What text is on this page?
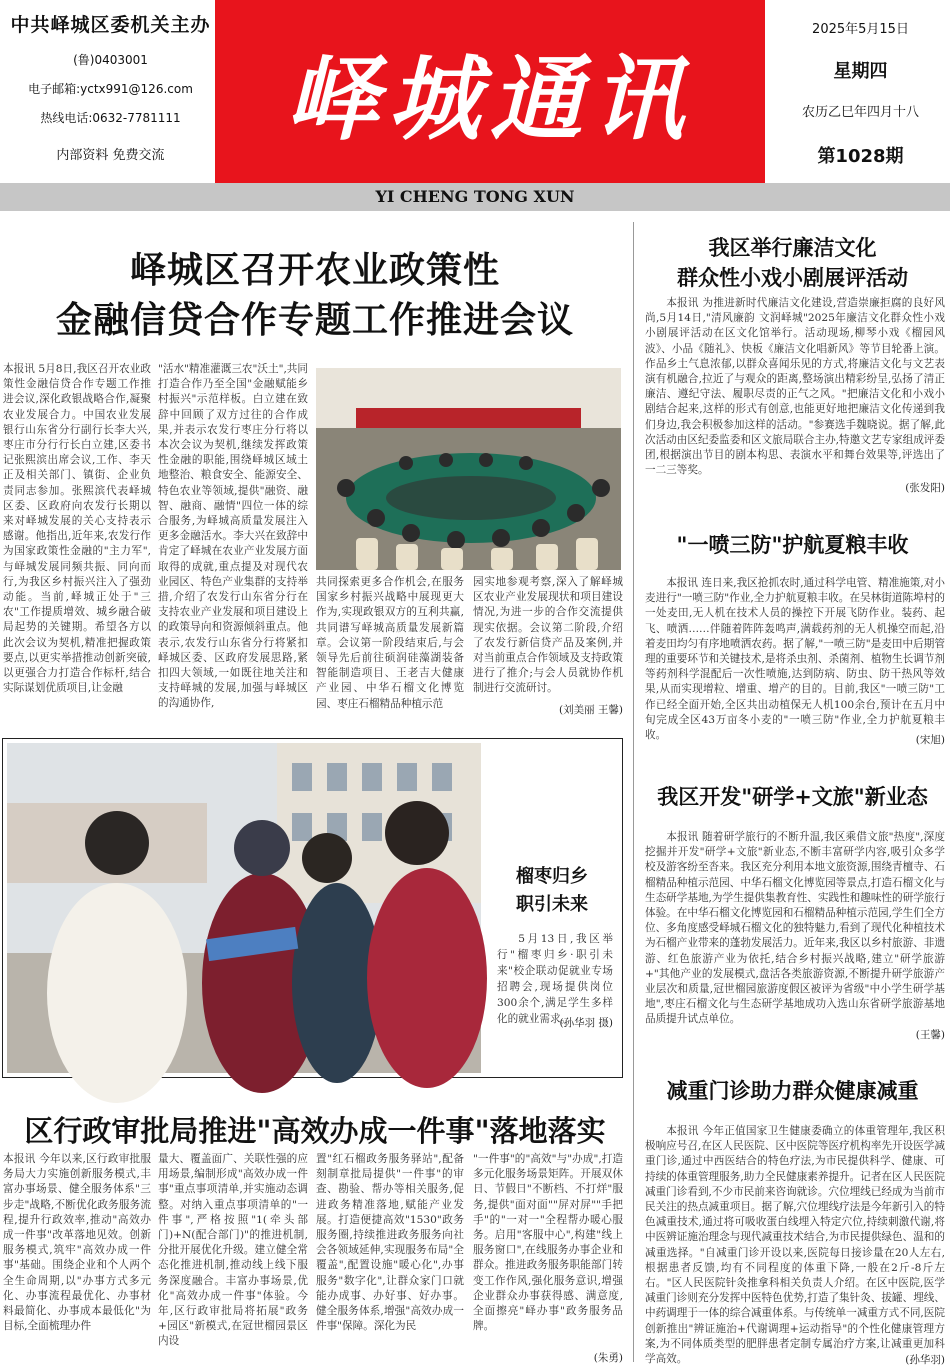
中共峄城区委机关主办
(鲁)0403001
电子邮箱:yctx991@126.com
热线电话:0632-7781111
内部资料 免费交流
峄城通讯
2025年5月15日
星期四
农历乙巳年四月十八
第1028期
YI CHENG TONG XUN
峄城区召开农业政策性
金融信贷合作专题工作推进会议
本报讯 5月8日,我区召开农业政策性金融信贷合作专题工作推进会议,深化政银战略合作,凝聚农业发展合力。中国农业发展银行山东省分行副行长李大兴,枣庄市分行行长白立建,区委书记张熙滨出席会议,工作、李天正及相关部门、镇街、企业负责同志参加。张熙滨代表峄城区委、区政府向农发行长期以来对峄城发展的关心支持表示感谢。他指出,近年来,农发行作为国家政策性金融的"主力军",与峄城发展同频共振、同向而行,为我区乡村振兴注入了强劲动能。当前,峄城正处于"三农"工作提质增效、城乡融合破局起势的关键期。希望各方以此次会议为契机,精准把握政策要点,以更实举措推动创新突破,以更强合力打造合作标杆,结合实际谋划优质项目,让金融
"活水"精准灌溉三农"沃土",共同打造合作乃至全国"金融赋能乡村振兴"示范样板。白立建在致辞中回顾了双方过往的合作成果,并表示农发行枣庄分行将以本次会议为契机,继续发挥政策性金融的职能,围绕峄城区域土地整治、粮食安全、能源安全、特色农业等领域,提供"融资、融智、融商、融情"四位一体的综合服务,为峄城高质量发展注入更多金融活水。李大兴在致辞中肯定了峄城在农业产业发展方面取得的成就,重点提及对现代农业园区、特色产业集群的支持举措,介绍了农发行山东省分行在支持农业产业发展和项目建设上的政策导向和资源倾斜重点。他表示,农发行山东省分行将紧扣峄城区委、区政府发展思路,紧扣四大领域,一如既往地关注和支持峄城的发展,加强与峄城区的沟通协作,
共同探索更多合作机会,在服务国家乡村振兴战略中展现更大作为,实现政银双方的互利共赢,共同谱写峄城高质量发展新篇章。会议第一阶段结束后,与会领导先后前往硕润硅藻湖装备智能制造项目、王老吉大健康产业园、中华石榴文化博览园、枣庄石榴精品种植示范
园实地参观考察,深入了解峄城区农业产业发展现状和项目建设情况,为进一步的合作交流提供现实依据。会议第二阶段,介绍了农发行新信贷产品及案例,并对当前重点合作领域及支持政策进行了推介;与会人员就协作机制进行交流研讨。
(刘美丽 王馨)
榴枣归乡
职引未来
5月13日,我区举行"榴枣归乡·职引未来"校企联动促就业专场招聘会,现场提供岗位300余个,满足学生多样化的就业需求。
(孙华羽 摄)
区行政审批局推进"高效办成一件事"落地落实
本报讯 今年以来,区行政审批服务局大力实施创新服务模式,丰富办事场景、健全服务体系"三步走"战略,不断优化政务服务流程,提升行政效率,推动"高效办成一件事"改革落地见效。创新服务模式,筑牢"高效办成一件事"基础。围绕企业和个人两个全生命周期,以"办事方式多元化、办事流程最优化、办事材料最简化、办事成本最低化"为目标,全面梳理办件
量大、覆盖面广、关联性强的应用场景,编制形成"高效办成一件事"重点事项清单,并实施动态调整。对纳入重点事项清单的"一件事",严格按照"1(牵头部门)+N(配合部门)"的推进机制,分批开展优化升级。建立健全常态化推进机制,推动线上线下服务深度融合。丰富办事场景,优化"高效办成一件事"体验。今年,区行政审批局将拓展"政务+园区"新模式,在冠世榴园景区内设
置"红石榴政务服务驿站",配备刻制章批局提供"一件事"的审查、勘验、帮办等相关服务,促进政务精准落地,赋能产业发展。打造便捷高效"1530"政务服务圈,持续推进政务服务向社会各领域延伸,实现服务布局"全覆盖",配置设施"暖心化",办事服务"数字化",让群众家门口就能办成事、办好事、好办事。健全服务体系,增强"高效办成一件事"保障。深化为民
"一件事"的"高效"与"办成",打造多元化服务场景矩阵。开展双休日、节假日"不断档、不打烊"服务,提供"面对面""屏对屏""手把手"的"一对一"全程帮办暖心服务。启用"客服中心",构建"线上服务窗口",在线服务办事企业和群众。推进政务服务职能部门转变工作作风,强化服务意识,增强企业群众办事获得感、满意度,全面擦亮"峄办事"政务服务品牌。
(朱勇)
我区举行廉洁文化
群众性小戏小剧展评活动
本报讯 为推进新时代廉洁文化建设,营造崇廉拒腐的良好风尚,5月14日,"清风廉韵 文润峄城"2025年廉洁文化群众性小戏小剧展评活动在区文化馆举行。活动现场,柳琴小戏《榴园风波》、小品《随礼》、快板《廉洁文化唱新风》等节目轮番上演。作品乡土气息浓郁,以群众喜闻乐见的方式,将廉洁文化与文艺表演有机融合,拉近了与观众的距离,整场演出精彩纷呈,弘扬了清正廉洁、遵纪守法、履职尽责的正气之风。"把廉洁文化和小戏小剧结合起来,这样的形式有创意,也能更好地把廉洁文化传递到我们身边,我会积极参加这样的活动。"参赛选手魏晓说。据了解,此次活动由区纪委监委和区文旅局联合主办,特邀文艺专家组成评委团,根据演出节目的剧本构思、表演水平和舞台效果等,评选出了一二三等奖。
(张发阳)
"一喷三防"护航夏粮丰收
本报讯 连日来,我区抢抓农时,通过科学电管、精准施策,对小麦进行"一喷三防"作业,全力护航夏粮丰收。在吴林街道陈埠村的一处麦田,无人机在技术人员的操控下开展飞防作业。装药、起飞、喷洒……伴随着阵阵轰鸣声,满载药剂的无人机操空而起,沿着麦田均匀有序地喷洒农药。据了解,"一喷三防"是麦田中后期管理的重要环节和关键技术,是将杀虫剂、杀菌剂、植物生长调节剂等药剂科学混配后一次性喷施,达到防病、防虫、防干热风等效果,从而实现增粒、增重、增产的目的。目前,我区"一喷三防"工作已经全面开始,全区共出动植保无人机100余台,预计在五月中旬完成全区43万亩冬小麦的"一喷三防"作业,全力护航夏粮丰收。	(宋旭)
我区开发"研学+文旅"新业态
本报讯 随着研学旅行的不断升温,我区乘借文旅"热度",深度挖掘并开发"研学+文旅"新业态,不断丰富研学内容,吸引众多学校及游客纷至沓来。我区充分利用本地文旅资源,围绕青檀寺、石榴精品种植示范园、中华石榴文化博览园等景点,打造石榴文化与生态研学基地,为学生提供集教育性、实践性和趣味性的研学旅行体验。在中华石榴文化博览园和石榴精品种植示范园,学生们全方位、多角度感受峄城石榴文化的独特魅力,看到了现代化种植技术为石榴产业带来的蓬勃发展活力。近年来,我区以乡村旅游、非遗游、红色旅游产业为依托,结合乡村振兴战略,建立"研学旅游+"其他产业的发展模式,盘活各类旅游资源,不断提升研学旅游产业层次和质量,冠世榴园旅游度假区被评为省级"中小学生研学基地",枣庄石榴文化与生态研学基地成功入选山东省研学旅游基地品质提升试点单位。
(王馨)
减重门诊助力群众健康减重
本报讯 今年正值国家卫生健康委确立的体重管理年,我区积极响应号召,在区人民医院、区中医院等医疗机构率先开设医学减重门诊,通过中西医结合的特色疗法,为市民提供科学、健康、可持续的体重管理服务,助力全民健康素养提升。记者在区人民医院减重门诊看到,不少市民前来咨询就诊。穴位埋线已经成为当前市民关注的热点减重项目。据了解,穴位埋线疗法是今年新引入的特色减重技术,通过将可吸收蛋白线埋入特定穴位,持续刺激代谢,将中医辨证施治理念与现代减重技术结合,为市民提供绿色、温和的减重选择。"自减重门诊开设以来,医院每日接诊量在20人左右,根据患者反馈,均有不同程度的体重下降,一般在2斤-8斤左右。"区人民医院针灸推拿科相关负责人介绍。在区中医院,医学减重门诊则充分发挥中医特色优势,打造了集针灸、拔罐、埋线、中药调理于一体的综合减重体系。与传统单一减重方式不同,医院创新推出"辨证施治+代谢调理+运动指导"的个性化健康管理方案,为不同体质类型的肥胖患者定制专属治疗方案,让减重更加科学高效。	(孙华羽)
